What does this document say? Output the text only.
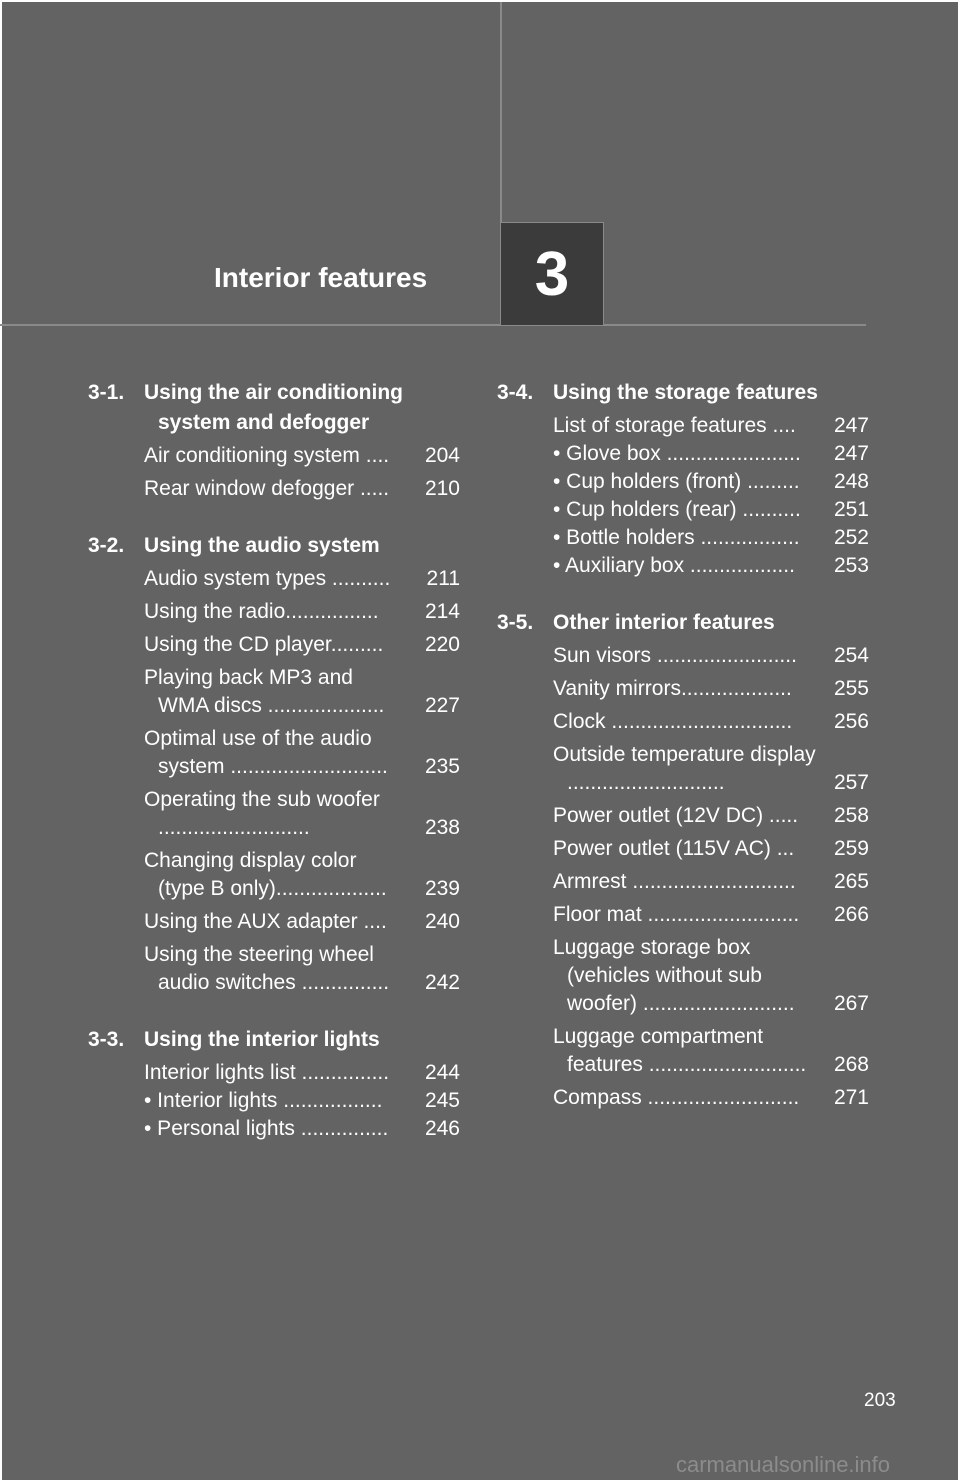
Interior features 3
3-1. Using the air conditioning system and defogger
Air conditioning system ....	204
Rear window defogger .....	210
3-2. Using the audio system
Audio system types ..........	211
Using the radio................	214
Using the CD player.........	220
Playing back MP3 and WMA discs ....................	227
Optimal use of the audio system ...........................	235
Operating the sub woofer ..........................	238
Changing display color (type B only)...................	239
Using the AUX adapter ....	240
Using the steering wheel audio switches ...............	242
3-3. Using the interior lights
Interior lights list ...............	244
• Interior lights .................	245
• Personal lights ...............	246
3-4. Using the storage features
List of storage features ....	247
• Glove box .......................	247
• Cup holders (front) .........	248
• Cup holders (rear) ..........	251
• Bottle holders .................	252
• Auxiliary box ..................	253
3-5. Other interior features
Sun visors ........................	254
Vanity mirrors...................	255
Clock ...............................	256
Outside temperature display ...........................	257
Power outlet (12V DC) .....	258
Power outlet (115V AC) ...	259
Armrest ............................	265
Floor mat ..........................	266
Luggage storage box (vehicles without sub woofer) ..........................	267
Luggage compartment features ...........................	268
Compass ..........................	271
203
carmanualsonline.info
